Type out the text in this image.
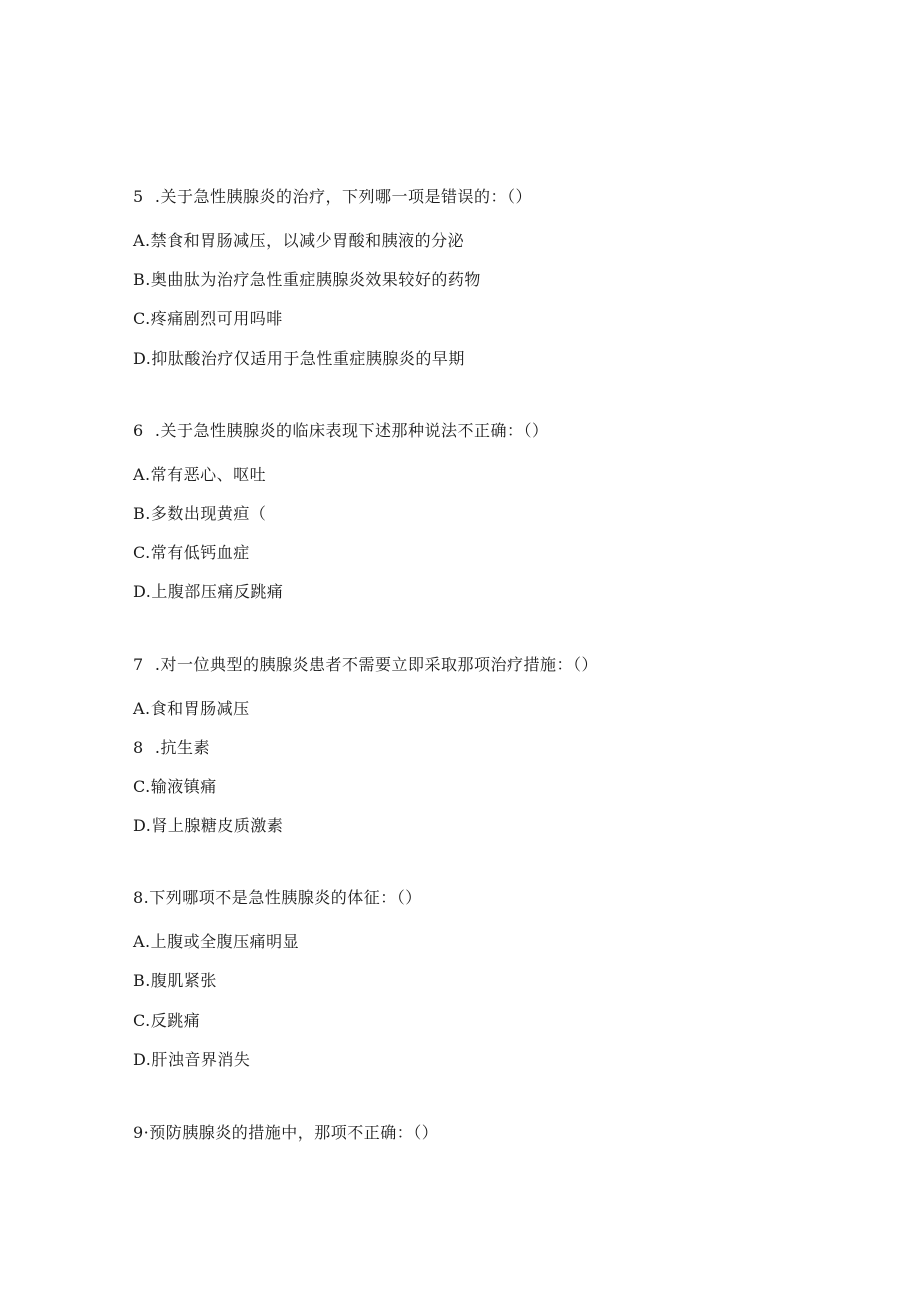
5  .关于急性胰腺炎的治疗，下列哪一项是错误的：（）
A.禁食和胃肠减压，以减少胃酸和胰液的分泌
B.奥曲肽为治疗急性重症胰腺炎效果较好的药物
C.疼痛剧烈可用吗啡
D.抑肽酸治疗仅适用于急性重症胰腺炎的早期
6  .关于急性胰腺炎的临床表现下述那种说法不正确：（）
A.常有恶心、呕吐
B.多数出现黄疸（
C.常有低钙血症
D.上腹部压痛反跳痛
7  .对一位典型的胰腺炎患者不需要立即采取那项治疗措施：（）
A.食和胃肠减压
8  .抗生素
C.输液镇痛
D.肾上腺糖皮质激素
8.下列哪项不是急性胰腺炎的体征：（）
A.上腹或全腹压痛明显
B.腹肌紧张
C.反跳痛
D.肝浊音界消失
9·预防胰腺炎的措施中，那项不正确：（）
